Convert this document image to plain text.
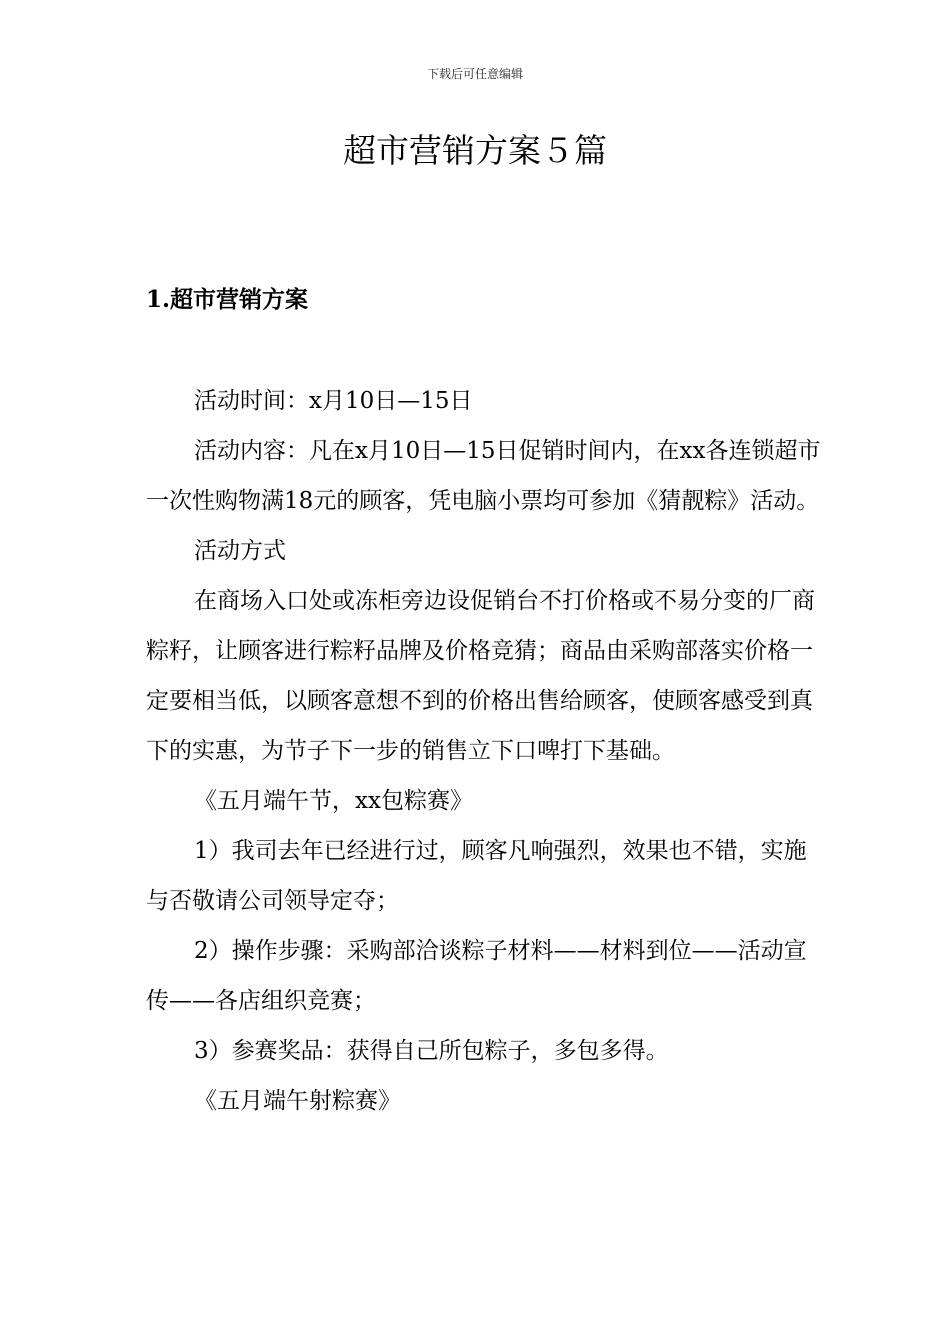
下载后可任意编辑
超市营销方案５篇
1.超市营销方案

活动时间：x月10日—15日

活动内容：凡在x月10日—15日促销时间内，在xx各连锁超市一次性购物满18元的顾客，凭电脑小票均可参加《猜靓粽》活动。

活动方式

在商场入口处或冻柜旁边设促销台不打价格或不易分变的厂商粽籽，让顾客进行粽籽品牌及价格竞猜；商品由采购部落实价格一定要相当低，以顾客意想不到的价格出售给顾客，使顾客感受到真下的实惠，为节子下一步的销售立下口啤打下基础。

《五月端午节，xx包粽赛》

1）我司去年已经进行过，顾客凡响强烈，效果也不错，实施与否敬请公司领导定夺；

2）操作步骤：采购部洽谈粽子材料——材料到位——活动宣传——各店组织竞赛；

3）参赛奖品：获得自己所包粽子，多包多得。

《五月端午射粽赛》
